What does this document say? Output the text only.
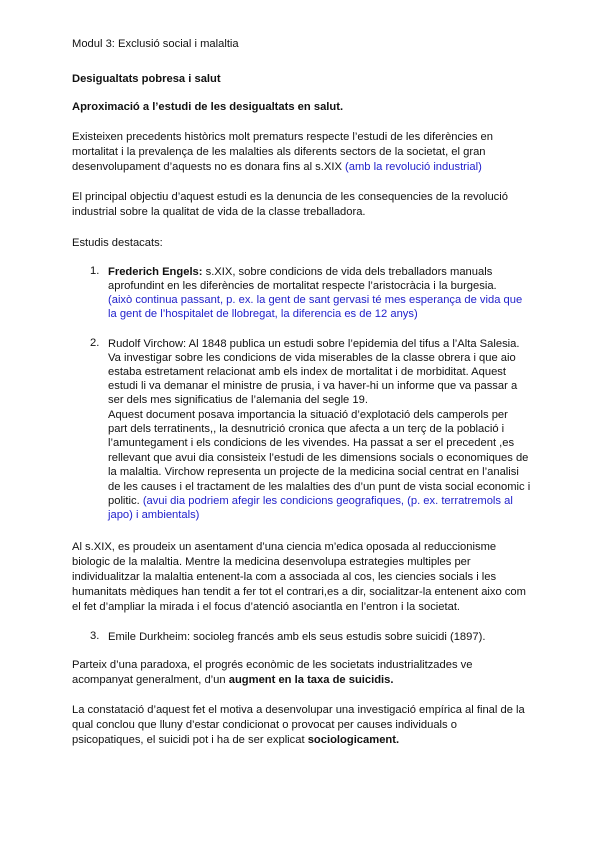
Modul 3: Exclusió social i malaltia
Desigualtats pobresa i salut
Aproximació a l’estudi de les desigualtats en salut.
Existeixen precedents històrics molt prematurs respecte l’estudi de les diferències en
mortalitat i la prevalença de les malalties als diferents sectors de la societat, el gran
desenvolupament d’aquests no es donara fins al s.XIX (amb la revolució industrial)
El principal objectiu d’aquest estudi es la denuncia de les consequencies de la revolució
industrial sobre la qualitat de vida de la classe treballadora.
Estudis destacats:
1. Frederich Engels: s.XIX, sobre condicions de vida dels treballadors manuals
aprofundint en les diferències de mortalitat respecte l’aristocràcia i la burgesia.
(això continua passant, p. ex. la gent de sant gervasi té mes esperança de vida que
la gent de l’hospitalet de llobregat, la diferencia es de 12 anys)
2. Rudolf Virchow: Al 1848 publica un estudi sobre l’epidemia del tifus a l’Alta Salesia.
Va investigar sobre les condicions de vida miserables de la classe obrera i que aio
estaba estretament relacionat amb els index de mortalitat i de morbiditat. Aquest
estudi li va demanar el ministre de prusia, i va haver-hi un informe que va passar a
ser dels mes significatius de l’alemania del segle 19.
Aquest document posava importancia la situació d’explotació dels camperols per
part dels terratinents,, la desnutrició cronica que afecta a un terç de la població i
l’amuntegament i els condicions de les vivendes. Ha passat a ser el precedent ,es
rellevant que avui dia consisteix l’estudi de les dimensions socials o economiques de
la malaltia. Virchow representa un projecte de la medicina social centrat en l’analisi
de les causes i el tractament de les malalties des d’un punt de vista social economic i
politic. (avui dia podriem afegir les condicions geografiques, (p. ex. terratremols al
japo) i ambientals)
Al s.XIX, es proudeix un asentament d’una ciencia m’edica oposada al reduccionisme
biologic de la malaltia. Mentre la medicina desenvolupa estrategies multiples per
individualitzar la malaltia entenent-la com a associada al cos, les ciencies socials i les
humanitats mèdiques han tendit a fer tot el contrari,es a dir, socialitzar-la entenent aixo com
el fet d’ampliar la mirada i el focus d’atenció asociantla en l’entron i la societat.
3. Emile Durkheim: socioleg francés amb els seus estudis sobre suicidi (1897).
Parteix d’una paradoxa, el progrés econòmic de les societats industrialitzades ve
acompanyat generalment, d’un augment en la taxa de suicidis.
La constatació d’aquest fet el motiva a desenvolupar una investigació empírica al final de la
qual conclou que lluny d’estar condicionat o provocat per causes individuals o
psicopatiques, el suicidi pot i ha de ser explicat sociologicament.
